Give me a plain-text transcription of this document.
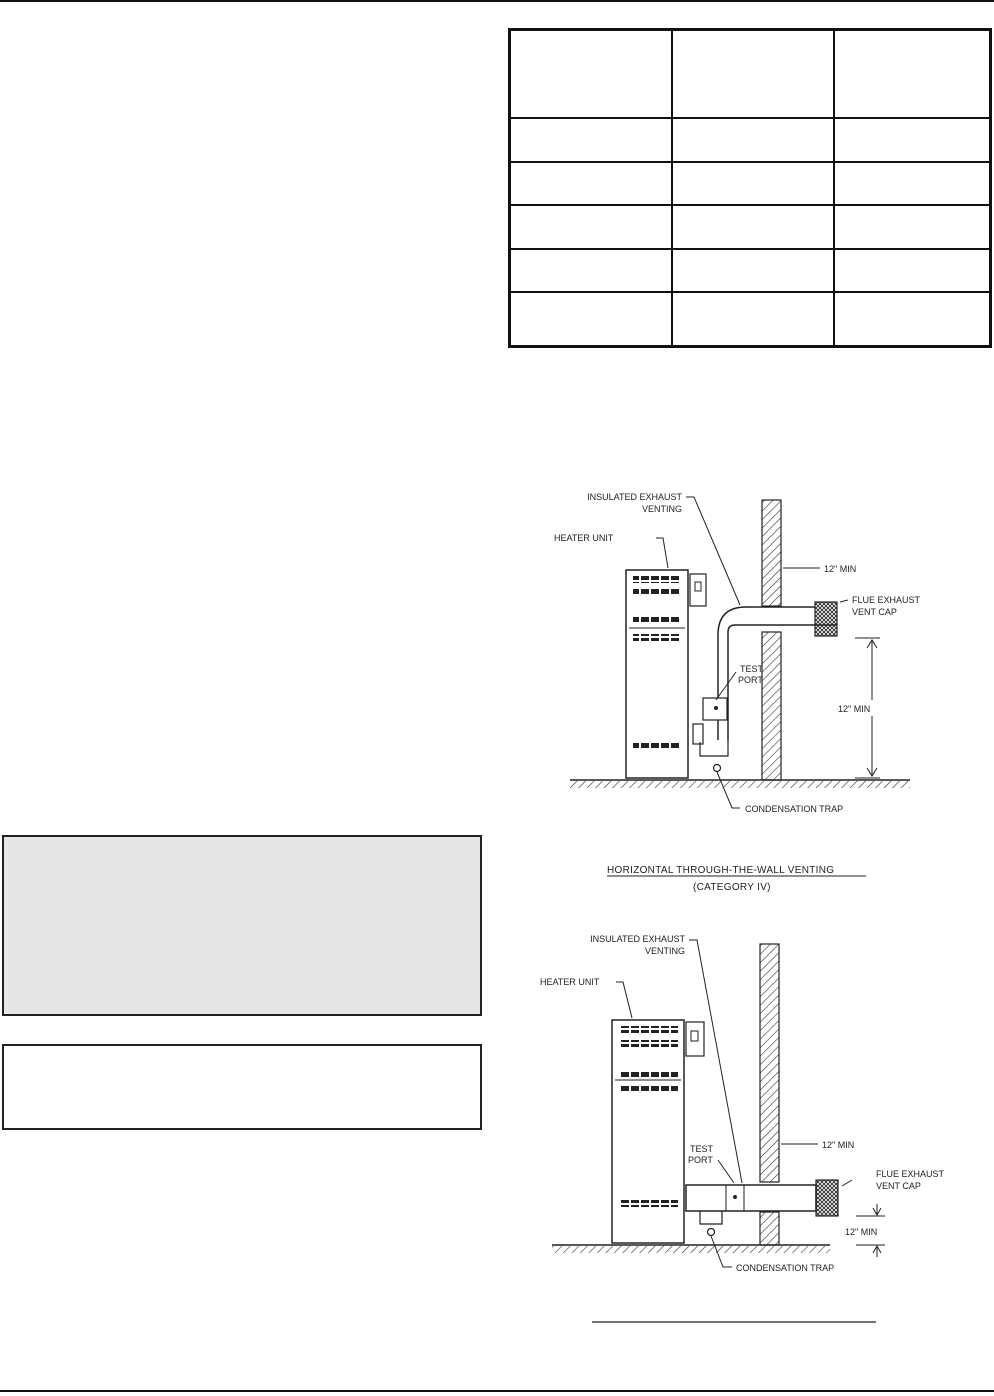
INSULATED EXHAUST
VENTING
HEATER UNIT
12" MIN
FLUE EXHAUST
VENT CAP
TEST
PORT
12" MIN
CONDENSATION TRAP
HORIZONTAL THROUGH-THE-WALL VENTING
(CATEGORY IV)
INSULATED EXHAUST
VENTING
HEATER UNIT
TEST
PORT
12" MIN
FLUE EXHAUST
VENT CAP
12" MIN
CONDENSATION TRAP
